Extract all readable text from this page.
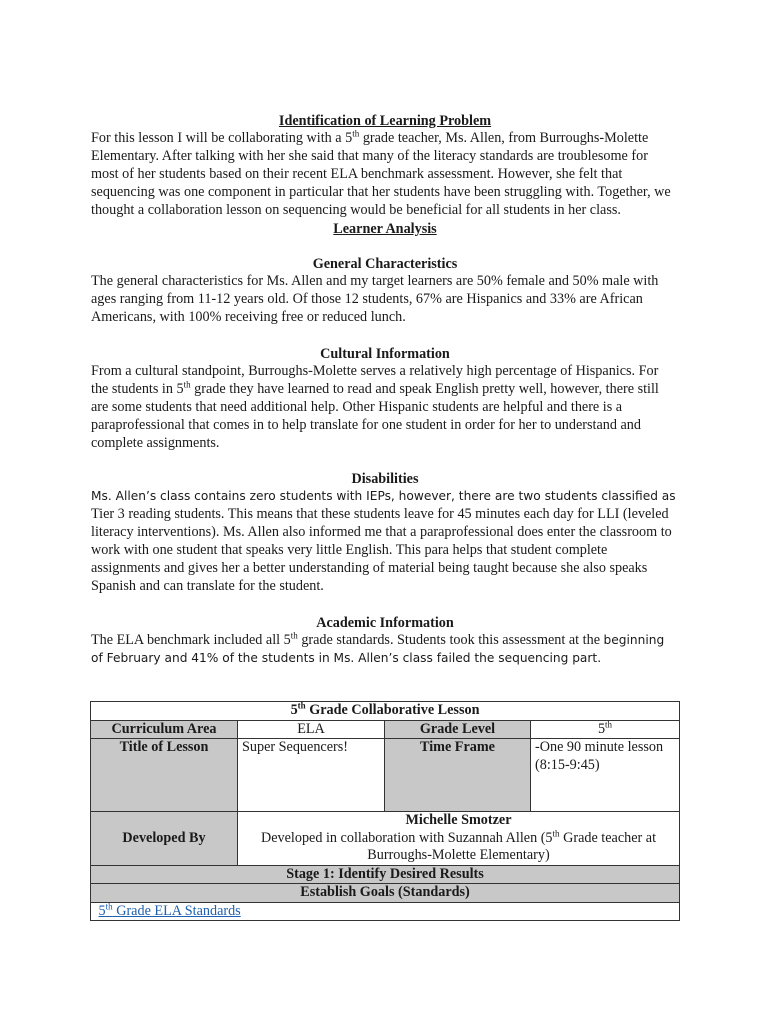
Identification of Learning Problem

For this lesson I will be collaborating with a 5th grade teacher, Ms. Allen, from Burroughs-Molette Elementary. After talking with her she said that many of the literacy standards are troublesome for most of her students based on their recent ELA benchmark assessment. However, she felt that sequencing was one component in particular that her students have been struggling with. Together, we thought a collaboration lesson on sequencing would be beneficial for all students in her class.

Learner Analysis
General Characteristics

The general characteristics for Ms. Allen and my target learners are 50% female and 50% male with ages ranging from 11-12 years old. Of those 12 students, 67% are Hispanics and 33% are African Americans, with 100% receiving free or reduced lunch.

Cultural Information

From a cultural standpoint, Burroughs-Molette serves a relatively high percentage of Hispanics. For the students in 5th grade they have learned to read and speak English pretty well, however, there still are some students that need additional help. Other Hispanic students are helpful and there is a paraprofessional that comes in to help translate for one student in order for her to understand and complete assignments.

Disabilities

Ms. Allen’s class contains zero students with IEPs, however, there are two students classified as Tier 3 reading students. This means that these students leave for 45 minutes each day for LLI (leveled literacy interventions). Ms. Allen also informed me that a paraprofessional does enter the classroom to work with one student that speaks very little English. This para helps that student complete assignments and gives her a better understanding of material being taught because she also speaks Spanish and can translate for the student.

Academic Information

The ELA benchmark included all 5th grade standards. Students took this assessment at the beginning of February and 41% of the students in Ms. Allen’s class failed the sequencing part.

5th Grade Collaborative Lesson			
Curriculum Area	ELA	Grade Level	5th
Title of Lesson	Super Sequencers!	Time Frame	-One 90 minute lesson (8:15-9:45)
Developed By	Michelle Smotzer
Developed in collaboration with Suzannah Allen (5th Grade teacher at Burroughs-Molette Elementary)		

Stage 1: Identify Desired Results			
Establish Goals (Standards)			
5th Grade ELA Standards			
